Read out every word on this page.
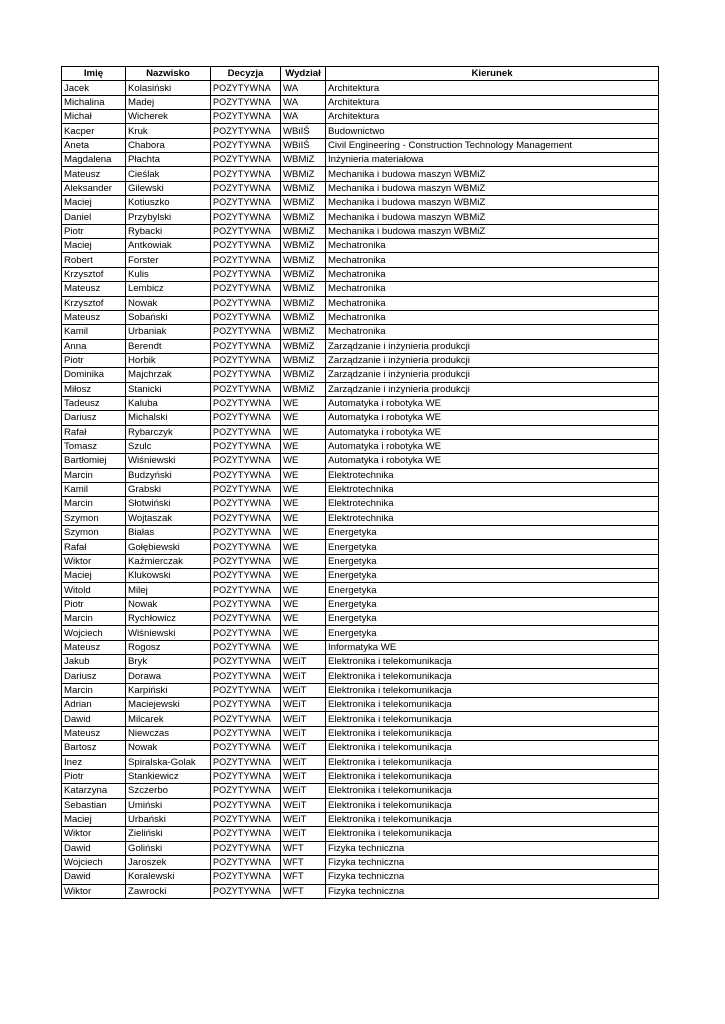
Imię	Nazwisko	Decyzja	Wydział	Kierunek
Jacek	Kolasiński	POZYTYWNA	WA	Architektura
Michalina	Madej	POZYTYWNA	WA	Architektura
Michał	Wicherek	POZYTYWNA	WA	Architektura
Kacper	Kruk	POZYTYWNA	WBiIŚ	Budownictwo
Aneta	Chabora	POZYTYWNA	WBiIŚ	Civil Engineering - Construction Technology Management
Magdalena	Płachta	POZYTYWNA	WBMiZ	Inżynieria materiałowa
Mateusz	Cieślak	POZYTYWNA	WBMiZ	Mechanika i budowa maszyn WBMiZ
Aleksander	Gilewski	POZYTYWNA	WBMiZ	Mechanika i budowa maszyn WBMiZ
Maciej	Kotiuszko	POZYTYWNA	WBMiZ	Mechanika i budowa maszyn WBMiZ
Daniel	Przybylski	POZYTYWNA	WBMiZ	Mechanika i budowa maszyn WBMiZ
Piotr	Rybacki	POZYTYWNA	WBMiZ	Mechanika i budowa maszyn WBMiZ
Maciej	Antkowiak	POZYTYWNA	WBMiZ	Mechatronika
Robert	Forster	POZYTYWNA	WBMiZ	Mechatronika
Krzysztof	Kulis	POZYTYWNA	WBMiZ	Mechatronika
Mateusz	Lembicz	POZYTYWNA	WBMiZ	Mechatronika
Krzysztof	Nowak	POZYTYWNA	WBMiZ	Mechatronika
Mateusz	Sobański	POZYTYWNA	WBMiZ	Mechatronika
Kamil	Urbaniak	POZYTYWNA	WBMiZ	Mechatronika
Anna	Berendt	POZYTYWNA	WBMiZ	Zarządzanie i inżynieria produkcji
Piotr	Horbik	POZYTYWNA	WBMiZ	Zarządzanie i inżynieria produkcji
Dominika	Majchrzak	POZYTYWNA	WBMiZ	Zarządzanie i inżynieria produkcji
Miłosz	Stanicki	POZYTYWNA	WBMiZ	Zarządzanie i inżynieria produkcji
Tadeusz	Kaluba	POZYTYWNA	WE	Automatyka i robotyka WE
Dariusz	Michalski	POZYTYWNA	WE	Automatyka i robotyka WE
Rafał	Rybarczyk	POZYTYWNA	WE	Automatyka i robotyka WE
Tomasz	Szulc	POZYTYWNA	WE	Automatyka i robotyka WE
Bartłomiej	Wiśniewski	POZYTYWNA	WE	Automatyka i robotyka WE
Marcin	Budzyński	POZYTYWNA	WE	Elektrotechnika
Kamil	Grabski	POZYTYWNA	WE	Elektrotechnika
Marcin	Słotwiński	POZYTYWNA	WE	Elektrotechnika
Szymon	Wojtaszak	POZYTYWNA	WE	Elektrotechnika
Szymon	Białas	POZYTYWNA	WE	Energetyka
Rafał	Gołębiewski	POZYTYWNA	WE	Energetyka
Wiktor	Kaźmierczak	POZYTYWNA	WE	Energetyka
Maciej	Klukowski	POZYTYWNA	WE	Energetyka
Witold	Milej	POZYTYWNA	WE	Energetyka
Piotr	Nowak	POZYTYWNA	WE	Energetyka
Marcin	Rychłowicz	POZYTYWNA	WE	Energetyka
Wojciech	Wiśniewski	POZYTYWNA	WE	Energetyka
Mateusz	Rogosz	POZYTYWNA	WE	Informatyka WE
Jakub	Bryk	POZYTYWNA	WEiT	Elektronika i telekomunikacja
Dariusz	Dorawa	POZYTYWNA	WEiT	Elektronika i telekomunikacja
Marcin	Karpiński	POZYTYWNA	WEiT	Elektronika i telekomunikacja
Adrian	Maciejewski	POZYTYWNA	WEiT	Elektronika i telekomunikacja
Dawid	Milcarek	POZYTYWNA	WEiT	Elektronika i telekomunikacja
Mateusz	Niewczas	POZYTYWNA	WEiT	Elektronika i telekomunikacja
Bartosz	Nowak	POZYTYWNA	WEiT	Elektronika i telekomunikacja
Inez	Spiralska-Golak	POZYTYWNA	WEiT	Elektronika i telekomunikacja
Piotr	Stankiewicz	POZYTYWNA	WEiT	Elektronika i telekomunikacja
Katarzyna	Szczerbo	POZYTYWNA	WEiT	Elektronika i telekomunikacja
Sebastian	Umiński	POZYTYWNA	WEiT	Elektronika i telekomunikacja
Maciej	Urbański	POZYTYWNA	WEiT	Elektronika i telekomunikacja
Wiktor	Zieliński	POZYTYWNA	WEiT	Elektronika i telekomunikacja
Dawid	Goliński	POZYTYWNA	WFT	Fizyka techniczna
Wojciech	Jaroszek	POZYTYWNA	WFT	Fizyka techniczna
Dawid	Koralewski	POZYTYWNA	WFT	Fizyka techniczna
Wiktor	Zawrocki	POZYTYWNA	WFT	Fizyka techniczna
